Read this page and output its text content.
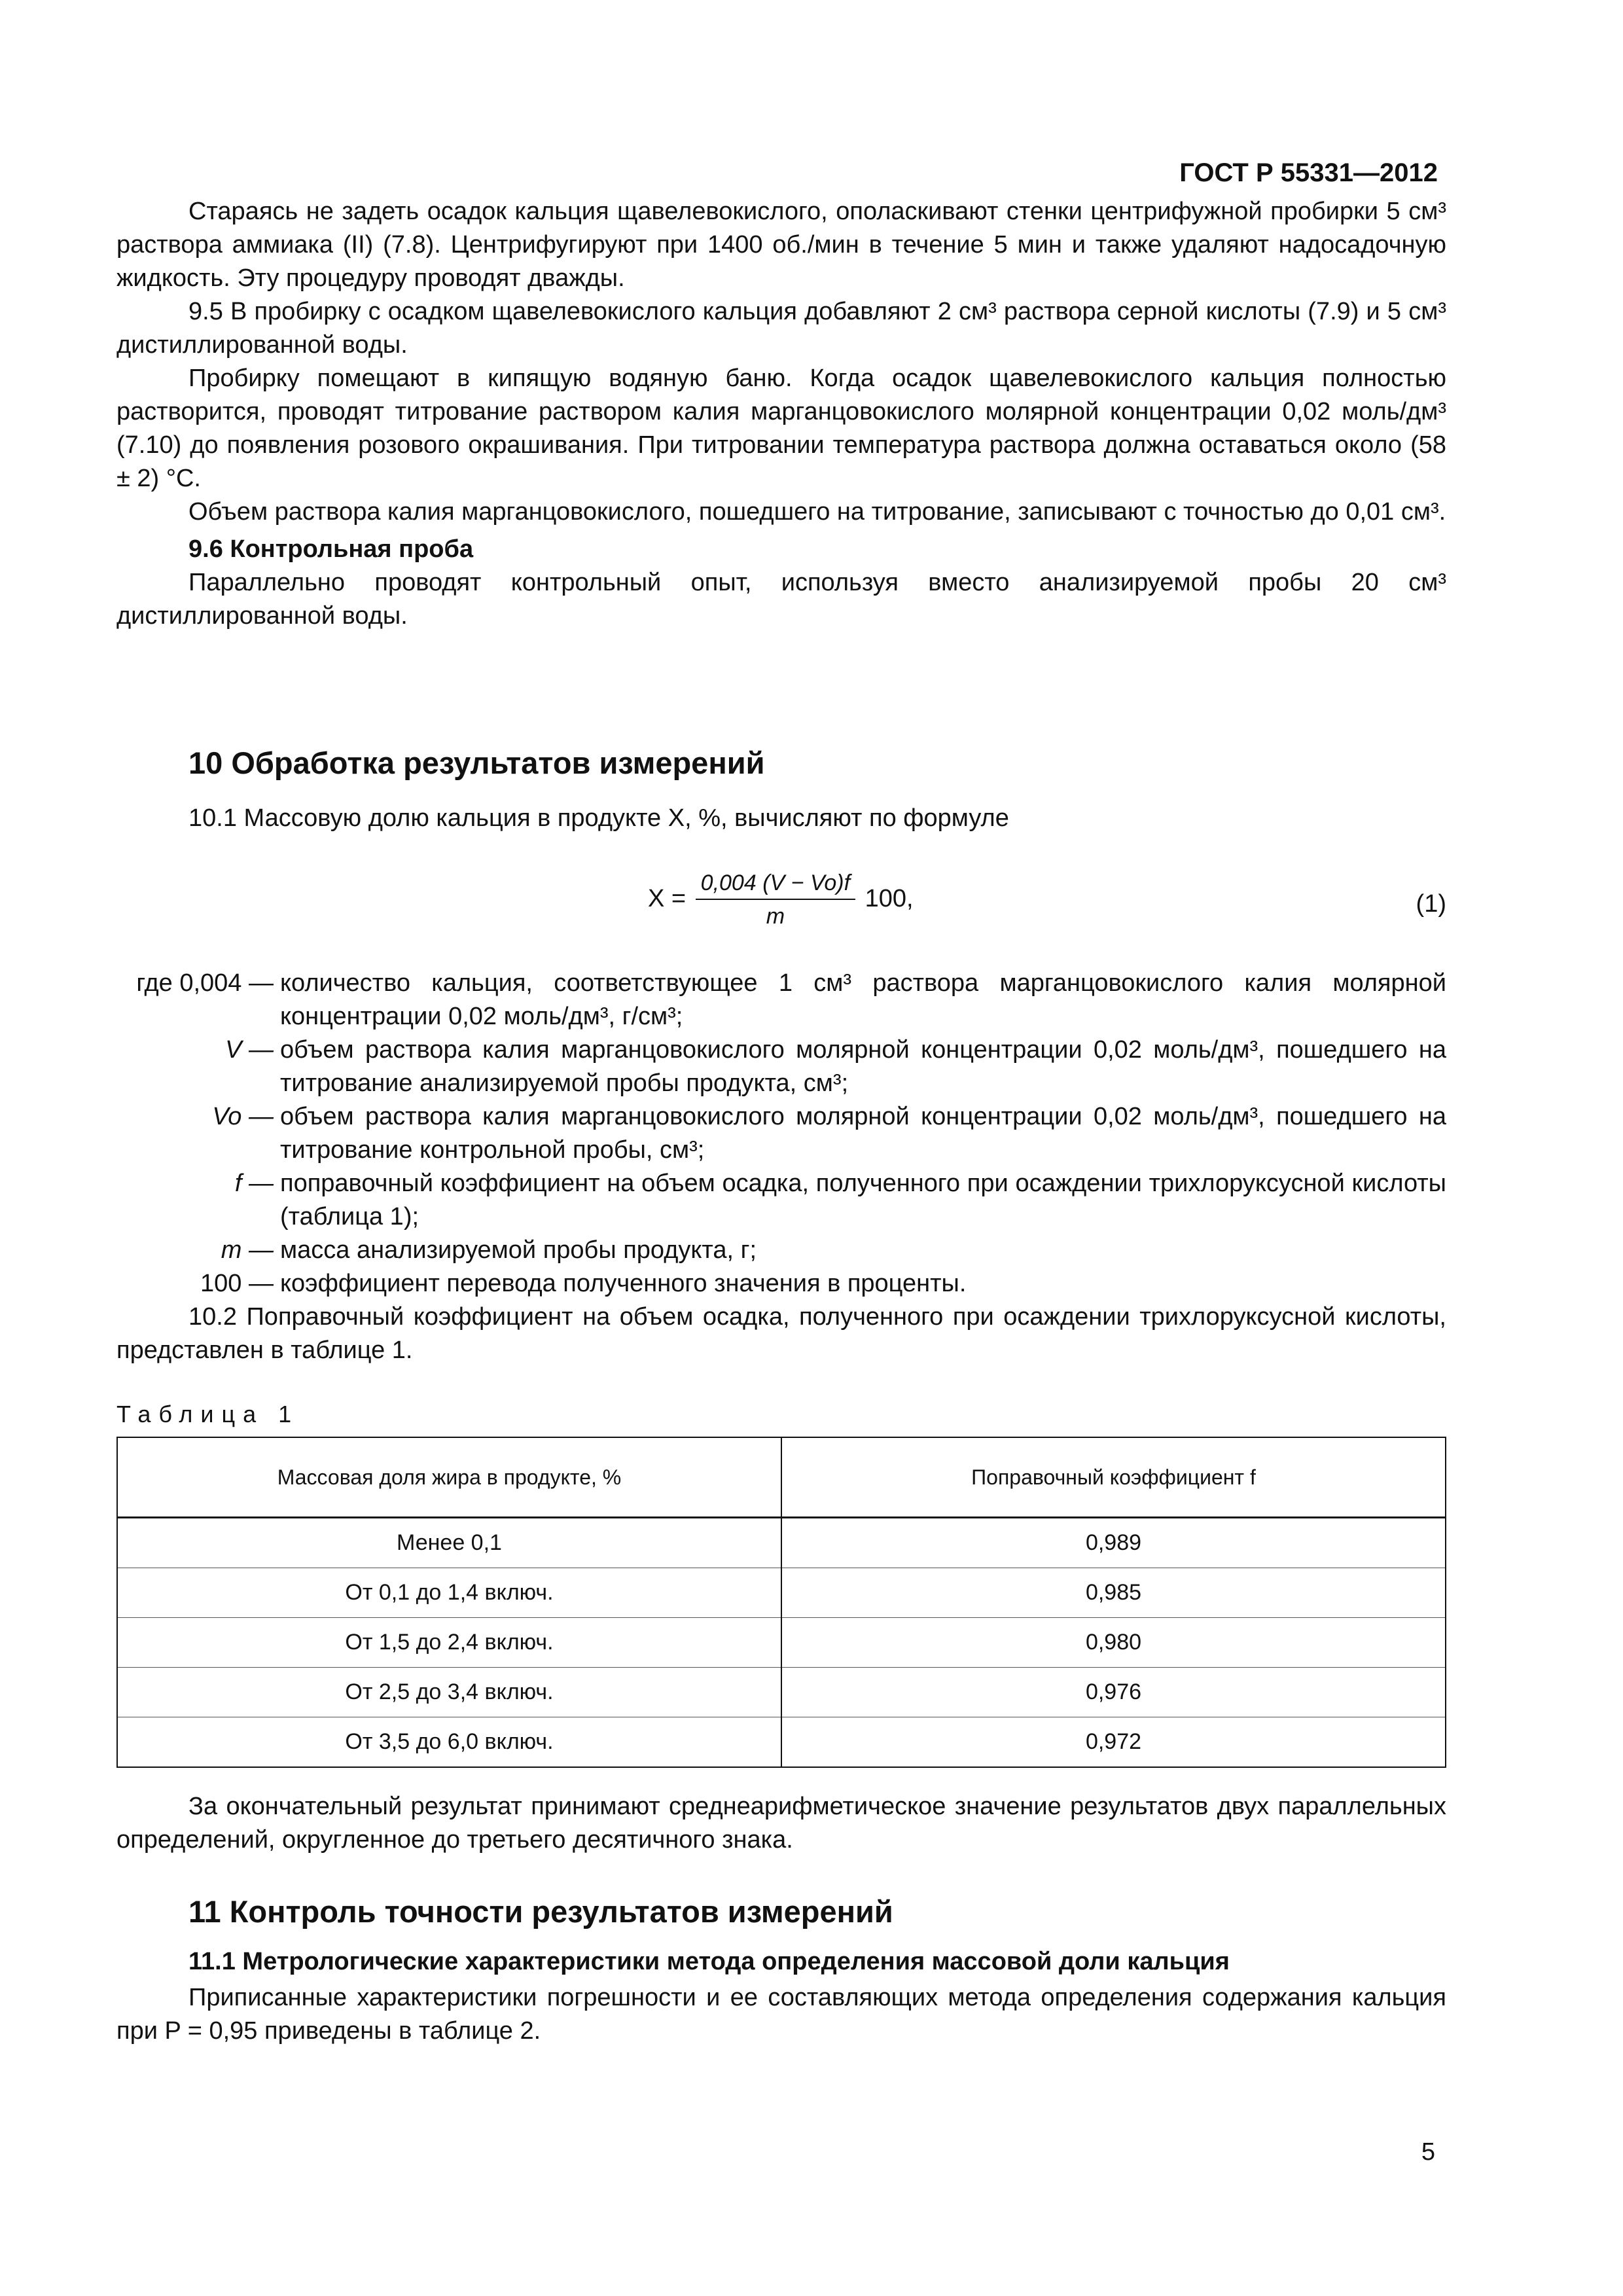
ГОСТ Р 55331—2012

Стараясь не задеть осадок кальция щавелевокислого, ополаскивают стенки центрифужной пробирки 5 см³ раствора аммиака (II) (7.8). Центрифугируют при 1400 об./мин в течение 5 мин и также удаляют надосадочную жидкость. Эту процедуру проводят дважды.

9.5 В пробирку с осадком щавелевокислого кальция добавляют 2 см³ раствора серной кислоты (7.9) и 5 см³ дистиллированной воды.

Пробирку помещают в кипящую водяную баню. Когда осадок щавелевокислого кальция полностью растворится, проводят титрование раствором калия марганцовокислого молярной концентрации 0,02 моль/дм³ (7.10) до появления розового окрашивания. При титровании температура раствора должна оставаться около (58 ± 2) °С.

Объем раствора калия марганцовокислого, пошедшего на титрование, записывают с точностью до 0,01 см³.

9.6 Контрольная проба

Параллельно проводят контрольный опыт, используя вместо анализируемой пробы 20 см³ дистиллированной воды.

10 Обработка результатов измерений

10.1 Массовую долю кальция в продукте X, %, вычисляют по формуле

$X = \frac{0,004 (V - Vo)f}{m} 100$,	(1)

где 0,004 — количество кальция, соответствующее 1 см³ раствора марганцовокислого калия молярной концентрации 0,02 моль/дм³, г/см³;

V — объем раствора калия марганцовокислого молярной концентрации 0,02 моль/дм³, пошедшего на титрование анализируемой пробы продукта, см³;

Vo — объем раствора калия марганцовокислого молярной концентрации 0,02 моль/дм³, пошедшего на титрование контрольной пробы, см³;

f — поправочный коэффициент на объем осадка, полученного при осаждении трихлоруксусной кислоты (таблица 1);

m — масса анализируемой пробы продукта, г;

100 — коэффициент перевода полученного значения в проценты.

10.2 Поправочный коэффициент на объем осадка, полученного при осаждении трихлоруксусной кислоты, представлен в таблице 1.

Таблица 1
Массовая доля жира в продукте, %	Поправочный коэффициент f
Менее 0,1	0,989
От 0,1 до 1,4 включ.	0,985
От 1,5 до 2,4 включ.	0,980
От 2,5 до 3,4 включ.	0,976
От 3,5 до 6,0 включ.	0,972

За окончательный результат принимают среднеарифметическое значение результатов двух параллельных определений, округленное до третьего десятичного знака.

11 Контроль точности результатов измерений

11.1 Метрологические характеристики метода определения массовой доли кальция

Приписанные характеристики погрешности и ее составляющих метода определения содержания кальция при P = 0,95 приведены в таблице 2.

5
